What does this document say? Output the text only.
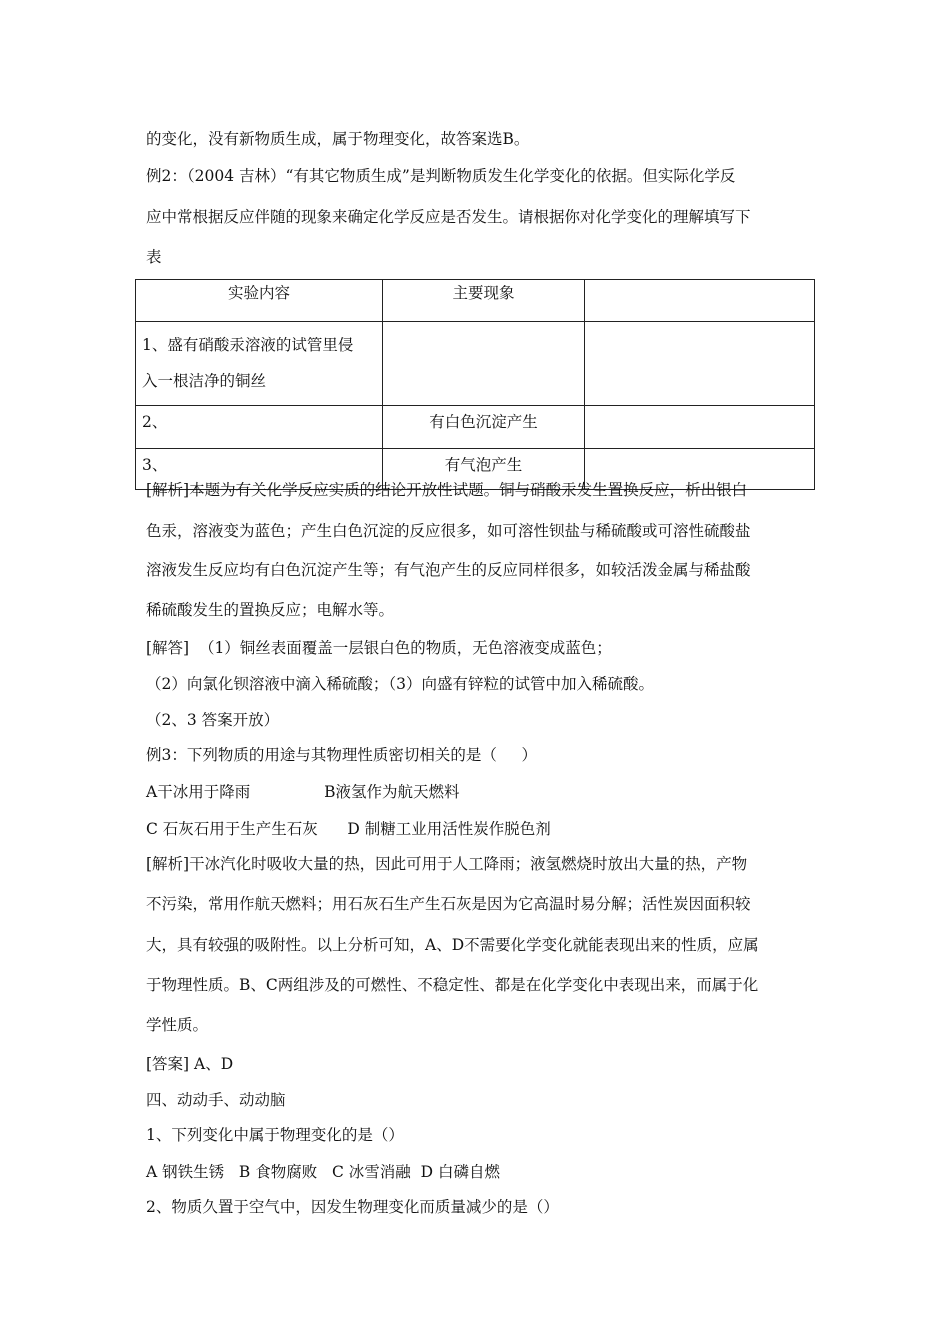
的变化，没有新物质生成，属于物理变化，故答案选B。
例2：（2004 吉林）“有其它物质生成”是判断物质发生化学变化的依据。但实际化学反
应中常根据反应伴随的现象来确定化学反应是否发生。请根据你对化学变化的理解填写下
表
实验内容	主要现象	

1、盛有硝酸汞溶液的试管里侵
入一根洁净的铜丝		

2、	有白色沉淀产生	
3、	有气泡产生	
[解析]本题为有关化学反应实质的结论开放性试题。铜与硝酸汞发生置换反应，析出银白
色汞，溶液变为蓝色；产生白色沉淀的反应很多，如可溶性钡盐与稀硫酸或可溶性硫酸盐
溶液发生反应均有白色沉淀产生等；有气泡产生的反应同样很多，如较活泼金属与稀盐酸
稀硫酸发生的置换反应；电解水等。
[解答]  （1）铜丝表面覆盖一层银白色的物质，无色溶液变成蓝色；
（2）向氯化钡溶液中滴入稀硫酸；（3）向盛有锌粒的试管中加入稀硫酸。
（2、3 答案开放）
例3：下列物质的用途与其物理性质密切相关的是（     ）
A干冰用于降雨               B液氢作为航天燃料
C 石灰石用于生产生石灰      D 制糖工业用活性炭作脱色剂
[解析]干冰汽化时吸收大量的热，因此可用于人工降雨；液氢燃烧时放出大量的热，产物
不污染，常用作航天燃料；用石灰石生产生石灰是因为它高温时易分解；活性炭因面积较
大，具有较强的吸附性。以上分析可知，A、D不需要化学变化就能表现出来的性质，应属
于物理性质。B、C两组涉及的可燃性、不稳定性、都是在化学变化中表现出来，而属于化
学性质。
[答案] A、D
四、动动手、动动脑
1、下列变化中属于物理变化的是（）
A 钢铁生锈   B 食物腐败   C 冰雪消融  D 白磷自燃
2、物质久置于空气中，因发生物理变化而质量减少的是（）
